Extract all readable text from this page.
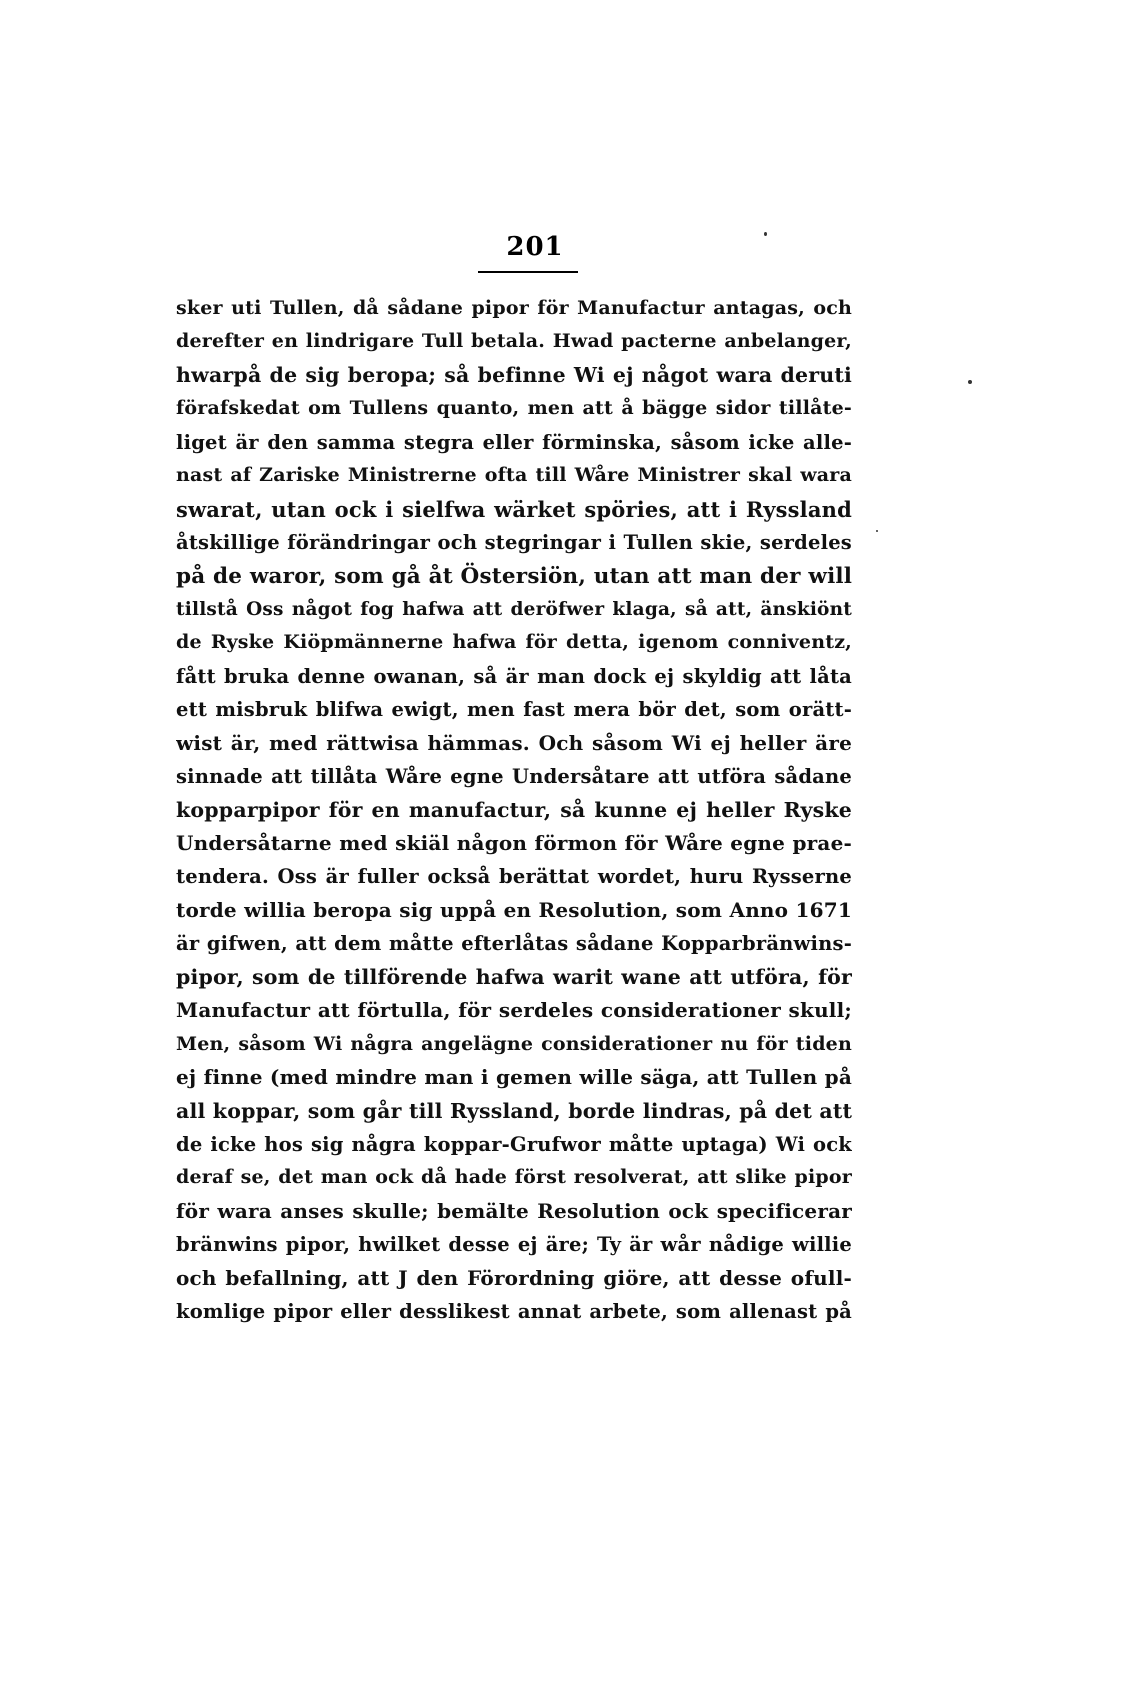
201
sker uti Tullen, då sådane pipor för Manufactur antagas, och
derefter en lindrigare Tull betala. Hwad pacterne anbelanger,
hwarpå de sig beropa; så befinne Wi ej något wara deruti
förafskedat om Tullens quanto, men att å bägge sidor tillåte-
liget är den samma stegra eller förminska, såsom icke alle-
nast af Zariske Ministrerne ofta till Wåre Ministrer skal wara
swarat, utan ock i sielfwa wärket spöries, att i Ryssland
åtskillige förändringar och stegringar i Tullen skie, serdeles
på de waror, som gå åt Östersiön, utan att man der will
tillstå Oss något fog hafwa att deröfwer klaga, så att, änskiönt
de Ryske Kiöpmännerne hafwa för detta, igenom conniventz,
fått bruka denne owanan, så är man dock ej skyldig att låta
ett misbruk blifwa ewigt, men fast mera bör det, som orätt-
wist är, med rättwisa hämmas. Och såsom Wi ej heller äre
sinnade att tillåta Wåre egne Undersåtare att utföra sådane
kopparpipor för en manufactur, så kunne ej heller Ryske
Undersåtarne med skiäl någon förmon för Wåre egne prae-
tendera. Oss är fuller också berättat wordet, huru Rysserne
torde willia beropa sig uppå en Resolution, som Anno 1671
är gifwen, att dem måtte efterlåtas sådane Kopparbränwins-
pipor, som de tillförende hafwa warit wane att utföra, för
Manufactur att förtulla, för serdeles considerationer skull;
Men, såsom Wi några angelägne considerationer nu för tiden
ej finne (med mindre man i gemen wille säga, att Tullen på
all koppar, som går till Ryssland, borde lindras, på det att
de icke hos sig några koppar-Grufwor måtte uptaga) Wi ock
deraf se, det man ock då hade först resolverat, att slike pipor
för wara anses skulle; bemälte Resolution ock specificerar
bränwins pipor, hwilket desse ej äre; Ty är wår nådige willie
och befallning, att J den Förordning giöre, att desse ofull-
komlige pipor eller desslikest annat arbete, som allenast på
